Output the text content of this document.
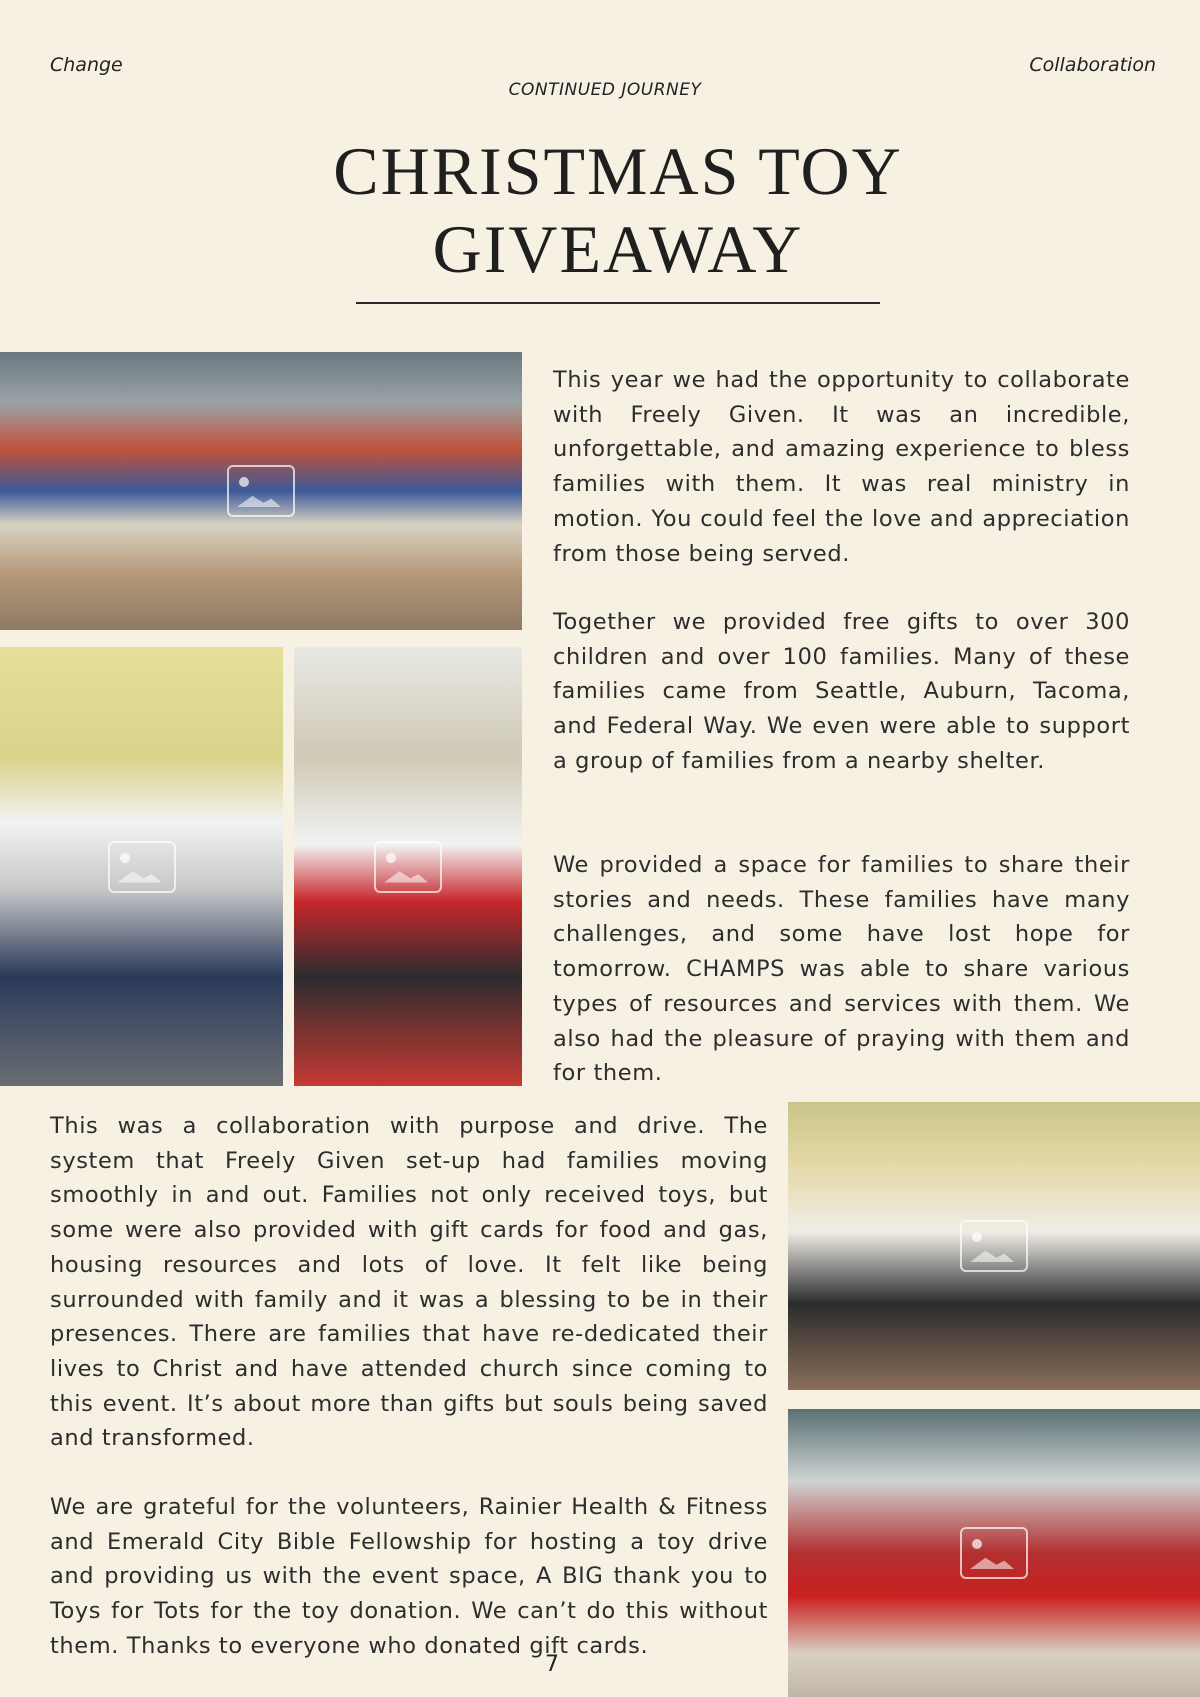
Change	Collaboration
CONTINUED JOURNEY
CHRISTMAS TOY
GIVEAWAY

This year we had the opportunity to collaborate with Freely Given. It was an incredible, unforgettable, and amazing experience to bless families with them. It was real ministry in motion. You could feel the love and appreciation from those being served.

Together we provided free gifts to over 300 children and over 100 families. Many of these families came from Seattle, Auburn, Tacoma, and Federal Way. We even were able to support a group of families from a nearby shelter.

We provided a space for families to share their stories and needs. These families have many challenges, and some have lost hope for tomorrow. CHAMPS was able to share various types of resources and services with them. We also had the pleasure of praying with them and for them.

This was a collaboration with purpose and drive. The system that Freely Given set-up had families moving smoothly in and out. Families not only received toys, but some were also provided with gift cards for food and gas, housing resources and lots of love. It felt like being surrounded with family and it was a blessing to be in their presences. There are families that have re-dedicated their lives to Christ and have attended church since coming to this event. It’s about more than gifts but souls being saved and transformed.

We are grateful for the volunteers, Rainier Health & Fitness and Emerald City Bible Fellowship for hosting a toy drive and providing us with the event space, A BIG thank you to Toys for Tots for the toy donation. We can’t do this without them. Thanks to everyone who donated gift cards.

7
